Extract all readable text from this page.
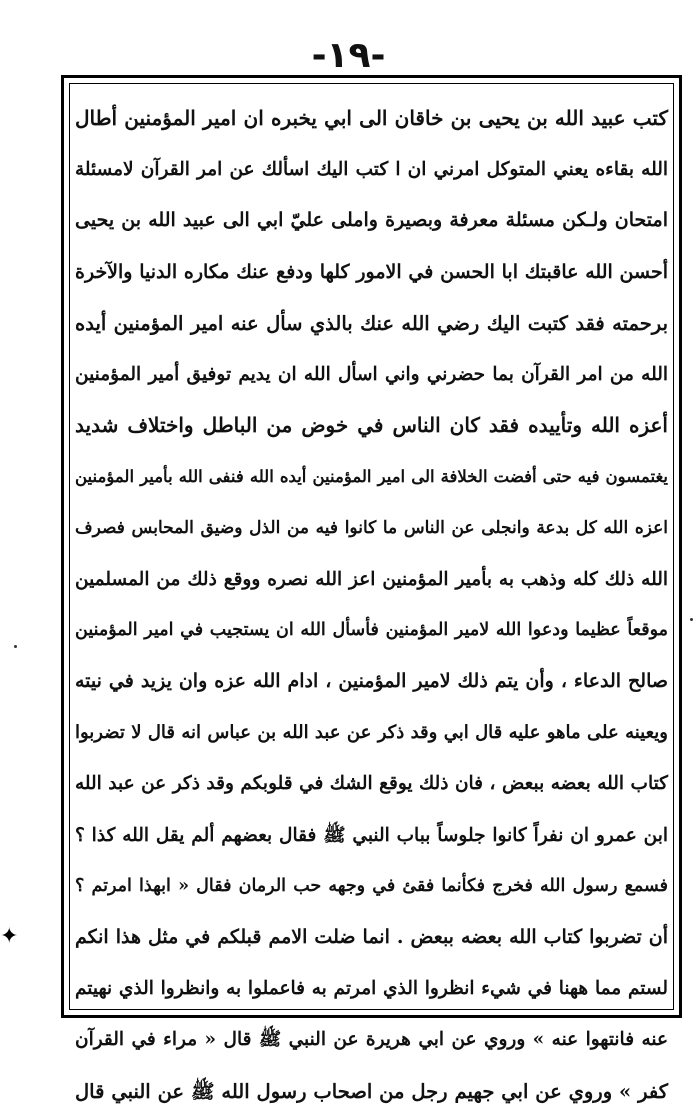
-١٩-
كتب عبيد الله بن يحيى بن خاقان الى ابي يخبره ان امير المؤمنين أطال
الله بقاءه يعني المتوكل امرني ان ا كتب اليك اسألك عن امر القرآن لامسئلة
امتحان ولـكن مسئلة معرفة وبصيرة واملى عليّ ابي الى عبيد الله بن يحيى
أحسن الله عاقبتك ابا الحسن في الامور كلها ودفع عنك مكاره الدنيا والآخرة
برحمته فقد كتبت اليك رضي الله عنك بالذي سأل عنه امير المؤمنين أيده
الله من امر القرآن بما حضرني واني اسأل الله ان يديم توفيق أمير المؤمنين
أعزه الله وتأييده فقد كان الناس في خوض من الباطل واختلاف شديد
يغتمسون فيه حتى أفضت الخلافة الى امير المؤمنين أيده الله فنفى الله بأمير المؤمنين
اعزه الله كل بدعة وانجلى عن الناس ما كانوا فيه من الذل وضيق المحابس فصرف
الله ذلك كله وذهب به بأمير المؤمنين اعز الله نصره ووقع ذلك من المسلمين
موقعاً عظيما ودعوا الله لامير المؤمنين فأسأل الله ان يستجيب في امير المؤمنين
صالح الدعاء ، وأن يتم ذلك لامير المؤمنين ، ادام الله عزه وان يزيد في نيته
ويعينه على ماهو عليه قال ابي وقد ذكر عن عبد الله بن عباس انه قال لا تضربوا
كتاب الله بعضه ببعض ، فان ذلك يوقع الشك في قلوبكم وقد ذكر عن عبد الله
ابن عمرو ان نفراً كانوا جلوساً بباب النبي ﷺ فقال بعضهم ألم يقل الله كذا ؟
فسمع رسول الله فخرج فكأنما فقئ في وجهه حب الرمان فقال « ابهذا امرتم ؟
أن تضربوا كتاب الله بعضه ببعض . انما ضلت الامم قبلكم في مثل هذا انكم
لستم مما ههنا في شيء انظروا الذي امرتم به فاعملوا به وانظروا الذي نهيتم
عنه فانتهوا عنه » وروي عن ابي هريرة عن النبي ﷺ قال « مراء في القرآن
كفر » وروي عن ابي جهيم رجل من اصحاب رسول الله ﷺ عن النبي قال
✦
